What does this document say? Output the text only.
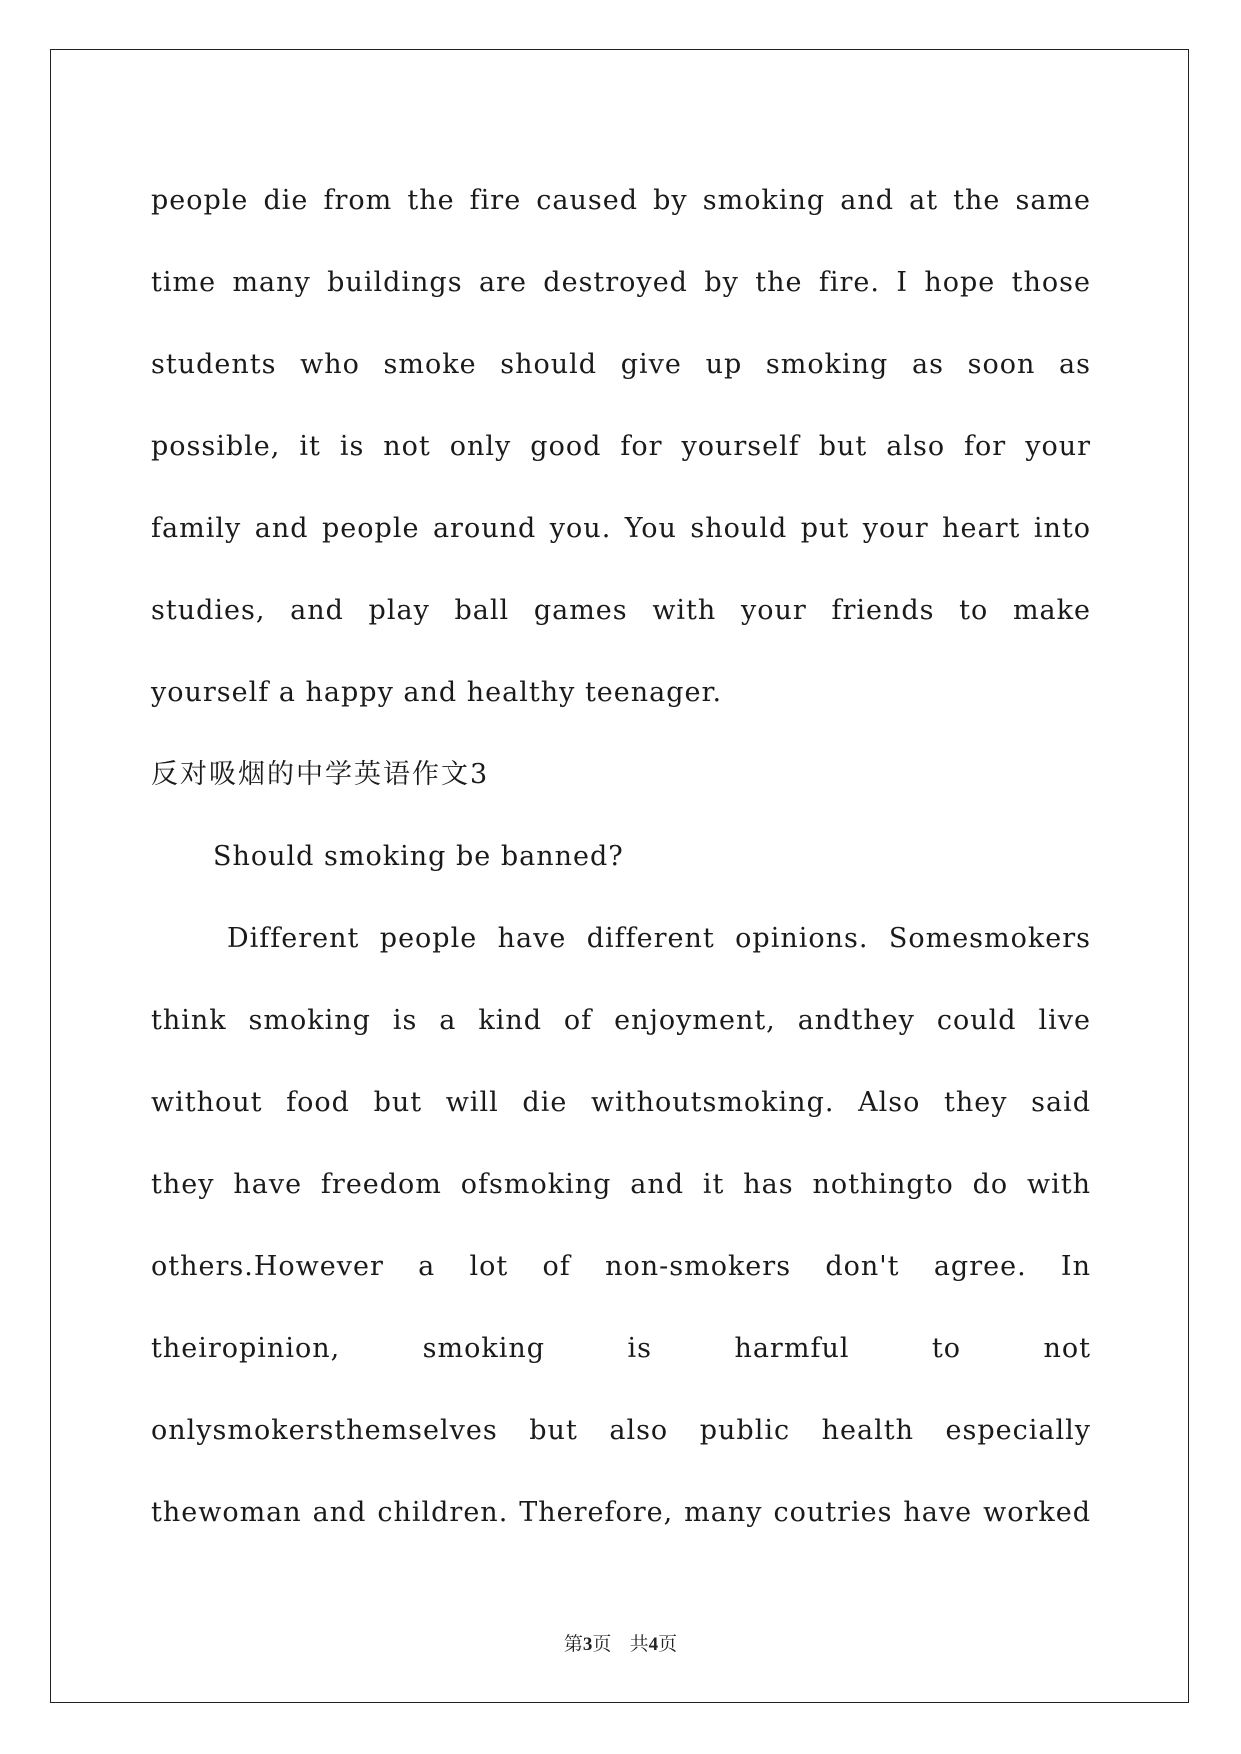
people die from the fire caused by smoking and at the same
time many buildings are destroyed by the fire. I hope those
students who smoke should give up smoking as soon as
possible, it is not only good for yourself but also for your
family and people around you. You should put your heart into
studies, and play ball games with your friends to make
yourself a happy and healthy teenager.
反对吸烟的中学英语作文3
Should smoking be banned?
Different people have different opinions. Somesmokers
think smoking is a kind of enjoyment, andthey could live
without food but will die withoutsmoking. Also they said
they have freedom ofsmoking and it has nothingto do with
others.However a lot of non-smokers don't agree. In
theiropinion, smoking is harmful to not
onlysmokersthemselves but also public health especially
thewoman and children. Therefore, many coutries have worked
第3页 共4页
